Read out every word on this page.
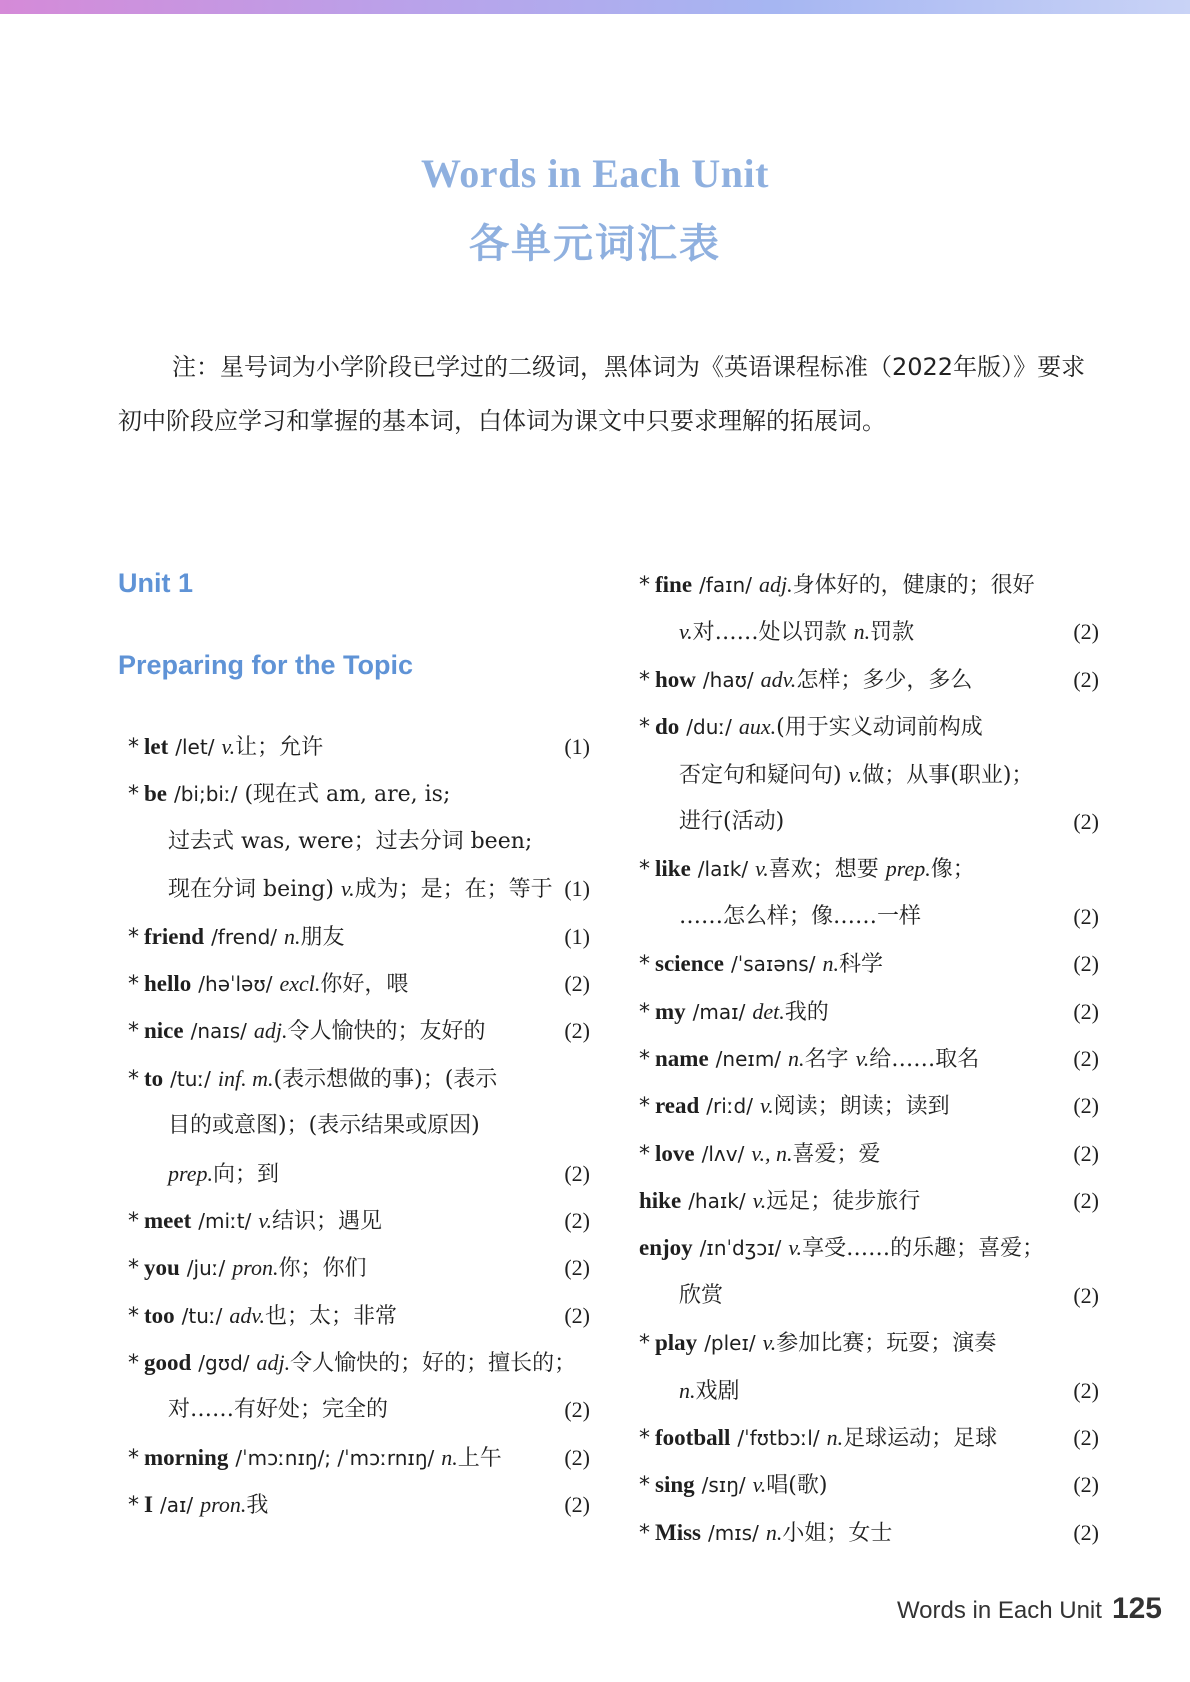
Words in Each Unit
各单元词汇表
注：星号词为小学阶段已学过的二级词，黑体词为《英语课程标准（2022年版）》要求初中阶段应学习和掌握的基本词，白体词为课文中只要求理解的拓展词。
Unit 1
Preparing for the Topic
* let /let/ v.让；允许	(1)
* be /bi;biː/ (现在式 am, are, is;
过去式 was, were；过去分词 been;
现在分词 being) v.成为；是；在；等于 (1)
* friend /frend/ n.朋友	(1)
* hello /həˈləʊ/ excl.你好，喂	(2)
* nice /naɪs/ adj.令人愉快的；友好的	(2)
* to /tuː/ inf. m.(表示想做的事)；(表示
目的或意图)；(表示结果或原因)
prep.向；到	(2)
* meet /miːt/ v.结识；遇见	(2)
* you /juː/ pron.你；你们	(2)
* too /tuː/ adv.也；太；非常	(2)
* good /gʊd/ adj.令人愉快的；好的；擅长的；
对……有好处；完全的	(2)
* morning /ˈmɔːnɪŋ/; /ˈmɔːrnɪŋ/ n.上午	(2)
* I /aɪ/ pron.我	(2)
* fine /faɪn/ adj.身体好的，健康的；很好
v.对……处以罚款 n.罚款	(2)
* how /haʊ/ adv.怎样；多少，多么	(2)
* do /duː/ aux.(用于实义动词前构成
否定句和疑问句) v.做；从事(职业)；
进行(活动)	(2)
* like /laɪk/ v.喜欢；想要 prep.像；
……怎么样；像……一样	(2)
* science /ˈsaɪəns/ n.科学	(2)
* my /maɪ/ det.我的	(2)
* name /neɪm/ n.名字 v.给……取名	(2)
* read /riːd/ v.阅读；朗读；读到	(2)
* love /lʌv/ v., n.喜爱；爱	(2)
hike /haɪk/ v.远足；徒步旅行	(2)
enjoy /ɪnˈdʒɔɪ/ v.享受……的乐趣；喜爱；
欣赏	(2)
* play /pleɪ/ v.参加比赛；玩耍；演奏
n.戏剧	(2)
* football /ˈfʊtbɔːl/ n.足球运动；足球	(2)
* sing /sɪŋ/ v.唱(歌)	(2)
* Miss /mɪs/ n.小姐；女士	(2)
Words in Each Unit 125
